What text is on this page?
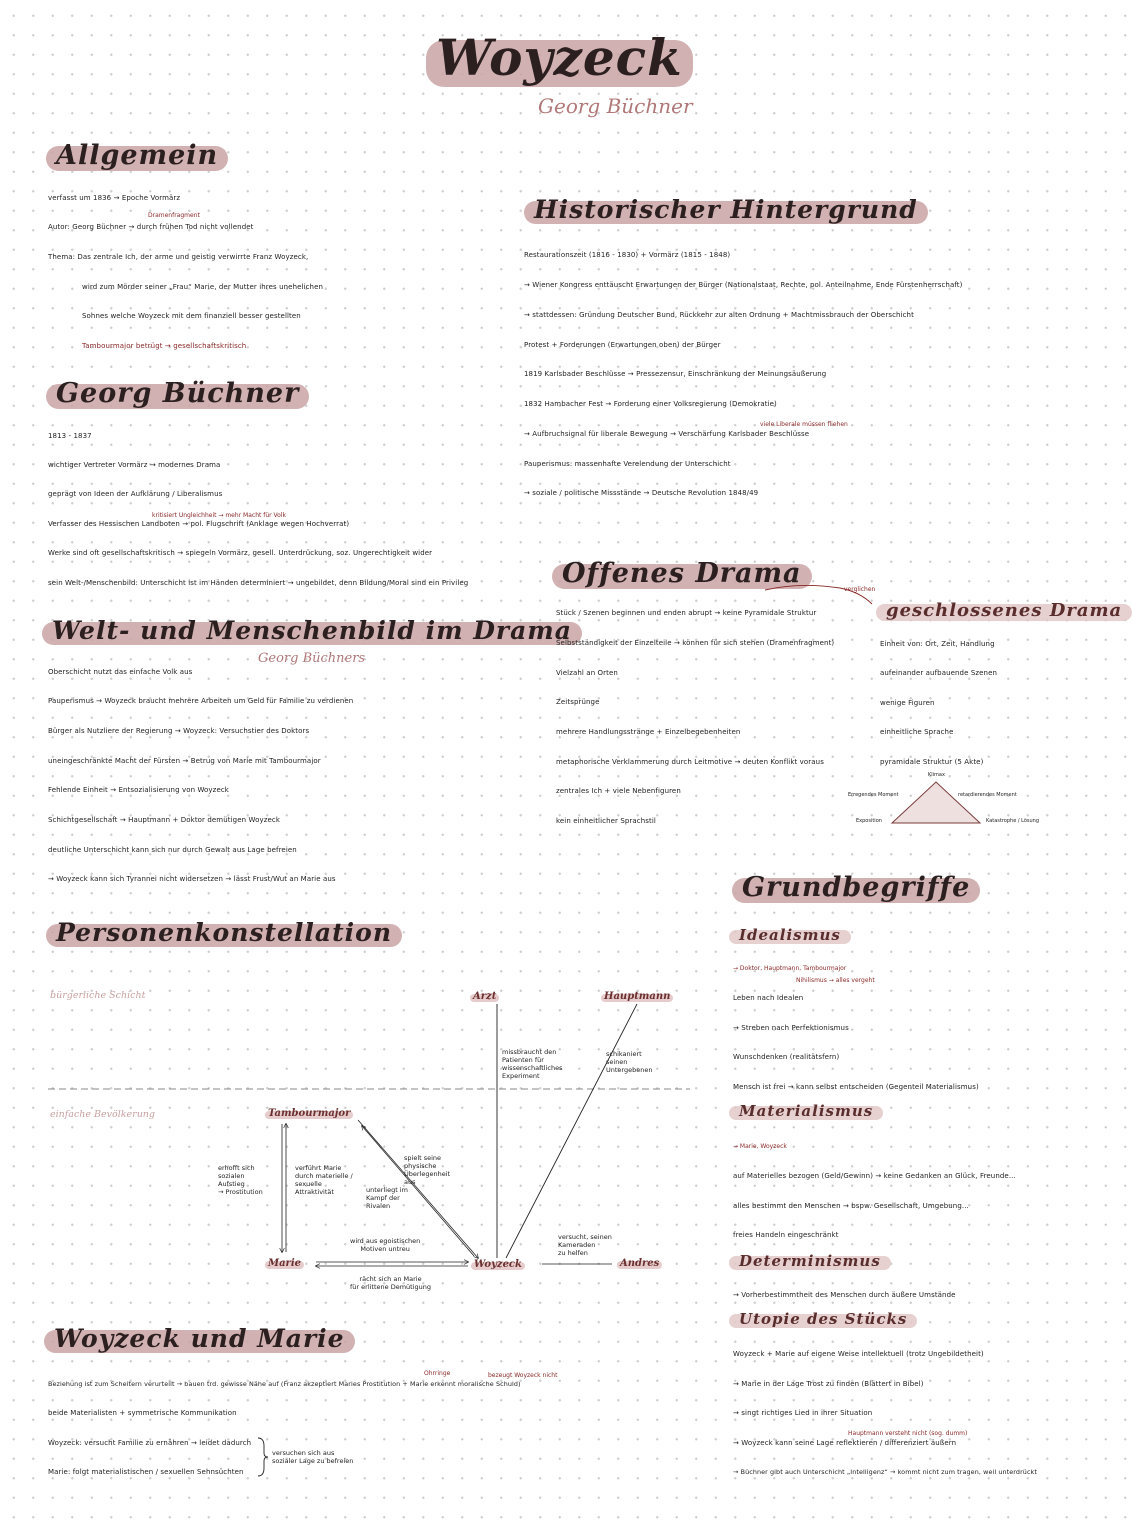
Woyzeck
Georg Büchner
Allgemein
verfasst um 1836 → Epoche Vormärz
Dramenfragment
Autor: Georg Büchner → durch frühen Tod nicht vollendet
Thema: Das zentrale Ich, der arme und geistig verwirrte Franz Woyzeck,
wird zum Mörder seiner „Frau“ Marie, der Mutter ihres unehelichen
Sohnes welche Woyzeck mit dem finanziell besser gestellten
Tambourmajor betrügt → gesellschaftskritisch
Georg Büchner
1813 - 1837
wichtiger Vertreter Vormärz → modernes Drama
geprägt von Ideen der Aufklärung / Liberalismus
kritisiert Ungleichheit → mehr Macht für Volk
Verfasser des Hessischen Landboten → pol. Flugschrift (Anklage wegen Hochverrat)
Werke sind oft gesellschaftskritisch → spiegeln Vormärz, gesell. Unterdrückung, soz. Ungerechtigkeit wider
sein Welt-/Menschenbild: Unterschicht ist im Händen determiniert → ungebildet, denn Bildung/Moral sind ein Privileg
Welt- und Menschenbild im Drama
Georg Büchners
Oberschicht nutzt das einfache Volk aus
Pauperismus → Woyzeck braucht mehrere Arbeiten um Geld für Familie zu verdienen
Bürger als Nutzliere der Regierung → Woyzeck: Versuchstier des Doktors
uneingeschränkte Macht der Fürsten → Betrug von Marie mit Tambourmajor
Fehlende Einheit → Entsozialisierung von Woyzeck
Schichtgesellschaft → Hauptmann + Doktor demütigen Woyzeck
deutliche Unterschicht kann sich nur durch Gewalt aus Lage befreien
→ Woyzeck kann sich Tyrannei nicht widersetzen → lässt Frust/Wut an Marie aus
Historischer Hintergrund
Restaurationszeit (1816 - 1830) + Vormärz (1815 - 1848)
→ Wiener Kongress enttäuscht Erwartungen der Bürger (Nationalstaat, Rechte, pol. Anteilnahme, Ende Fürstenherrschaft)
→ stattdessen: Gründung Deutscher Bund, Rückkehr zur alten Ordnung + Machtmissbrauch der Oberschicht
Protest + Forderungen (Erwartungen oben) der Bürger
1819 Karlsbader Beschlüsse → Pressezensur, Einschränkung der Meinungsäußerung
1832 Hambacher Fest → Forderung einer Volksregierung (Demokratie)
viele Liberale müssen fliehen
→ Aufbruchsignal für liberale Bewegung → Verschärfung Karlsbader Beschlüsse
Pauperismus: massenhafte Verelendung der Unterschicht
→ soziale / politische Missstände → Deutsche Revolution 1848/49
Offenes Drama
verglichen
Stück / Szenen beginnen und enden abrupt → keine Pyramidale Struktur
Selbstständigkeit der Einzelteile → können für sich stehen (Dramenfragment)
Vielzahl an Orten
Zeitsprünge
mehrere Handlungsstränge + Einzelbegebenheiten
metaphorische Verklammerung durch Leitmotive → deuten Konflikt voraus
zentrales Ich + viele Nebenfiguren
kein einheitlicher Sprachstil
geschlossenes Drama
Einheit von: Ort, Zeit, Handlung
aufeinander aufbauende Szenen
wenige Figuren
einheitliche Sprache
pyramidale Struktur (5 Akte)
Klimax
Erregendes Moment	retardierendes Moment
Exposition	Katastrophe / Lösung
Grundbegriffe
Idealismus
→ Doktor, Hauptmann, Tambourmajor
Nihilismus → alles vergeht
Leben nach Idealen
→ Streben nach Perfektionismus
Wunschdenken (realitätsfern)
Mensch ist frei → kann selbst entscheiden (Gegenteil Materialismus)
Materialismus
→ Marie, Woyzeck
auf Materielles bezogen (Geld/Gewinn) → keine Gedanken an Glück, Freunde...
alles bestimmt den Menschen → bspw. Gesellschaft, Umgebung...
freies Handeln eingeschränkt
Determinismus
→ Vorherbestimmtheit des Menschen durch äußere Umstände
Utopie des Stücks
Woyzeck + Marie auf eigene Weise intellektuell (trotz Ungebildetheit)
→ Marie in der Lage Trost zu finden (Blättert in Bibel)
→ singt richtiges Lied in ihrer Situation
Hauptmann versteht nicht (sog. dumm)
→ Woyzeck kann seine Lage reflektieren / differenziert äußern
→ Büchner gibt auch Unterschicht „Intelligenz“ → kommt nicht zum tragen, weil unterdrückt
Personenkonstellation
bürgerliche Schicht
einfache Bevölkerung
Arzt	Hauptmann
Tambourmajor
Marie	Woyzeck	Andres
missbraucht den
Patienten für
wissenschaftliches
Experiment
schikaniert
seinen
Untergebenen
erhofft sich
sozialen
Aufstieg
→ Prostitution
verführt Marie
durch materielle /
sexuelle
Attraktivität
spielt seine
physische
Überlegenheit
aus
unterliegt im
Kampf der
Rivalen
wird aus egoistischen
Motiven untreu
rächt sich an Marie
für erlittene Demütigung
versucht, seinen
Kameraden
zu helfen
Woyzeck und Marie
Ohrringe	bezeugt Woyzeck nicht
Beziehung ist zum Scheitern verurteilt → bauen trd. gewisse Nähe auf (Franz akzeptiert Maries Prostitution + Marie erkennt moralische Schuld)
beide Materialisten + symmetrische Kommunikation
Woyzeck: versucht Familie zu ernähren → leidet dadurch
Marie: folgt materialistischen / sexuellen Sehnsüchten
versuchen sich aus
sozialer Lage zu befreien
